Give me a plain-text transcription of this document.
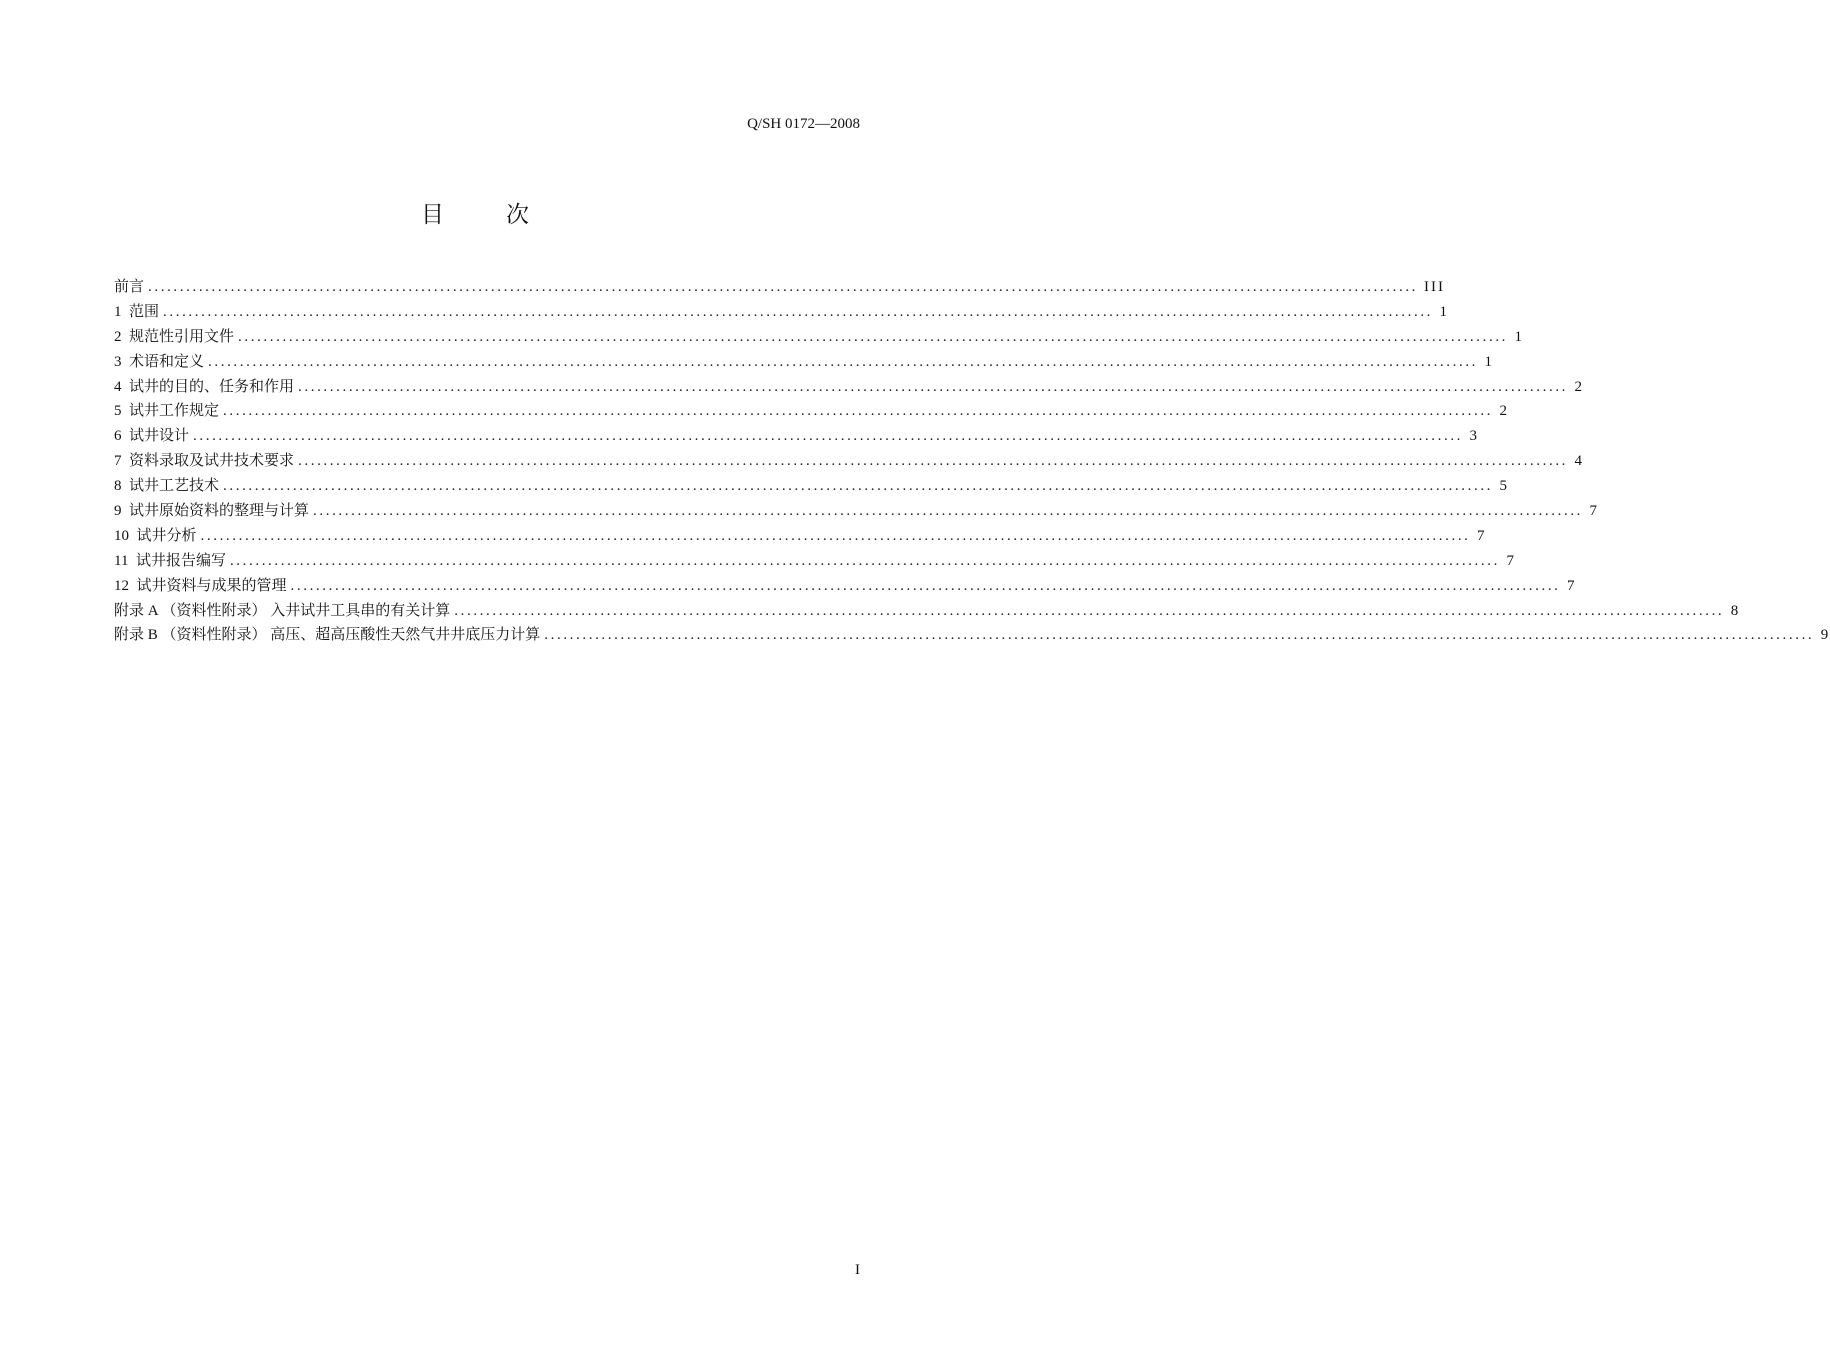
Q/SH 0172—2008
目	次
前言 ........................................................................................................................................................................................................ III
1  范围 ........................................................................................................................................................................................................ 1
2  规范性引用文件 ........................................................................................................................................................................................................ 1
3  术语和定义 ........................................................................................................................................................................................................ 1
4  试井的目的、任务和作用 ........................................................................................................................................................................................................ 2
5  试井工作规定 ........................................................................................................................................................................................................ 2
6  试井设计 ........................................................................................................................................................................................................ 3
7  资料录取及试井技术要求 ........................................................................................................................................................................................................ 4
8  试井工艺技术 ........................................................................................................................................................................................................ 5
9  试井原始资料的整理与计算 ........................................................................................................................................................................................................ 7
10  试井分析 ........................................................................................................................................................................................................ 7
11  试井报告编写 ........................................................................................................................................................................................................ 7
12  试井资料与成果的管理 ........................................................................................................................................................................................................ 7
附录 A （资料性附录） 入井试井工具串的有关计算 ........................................................................................................................................................................................................ 8
附录 B （资料性附录） 高压、超高压酸性天然气井井底压力计算 ........................................................................................................................................................................................................ 9
I
